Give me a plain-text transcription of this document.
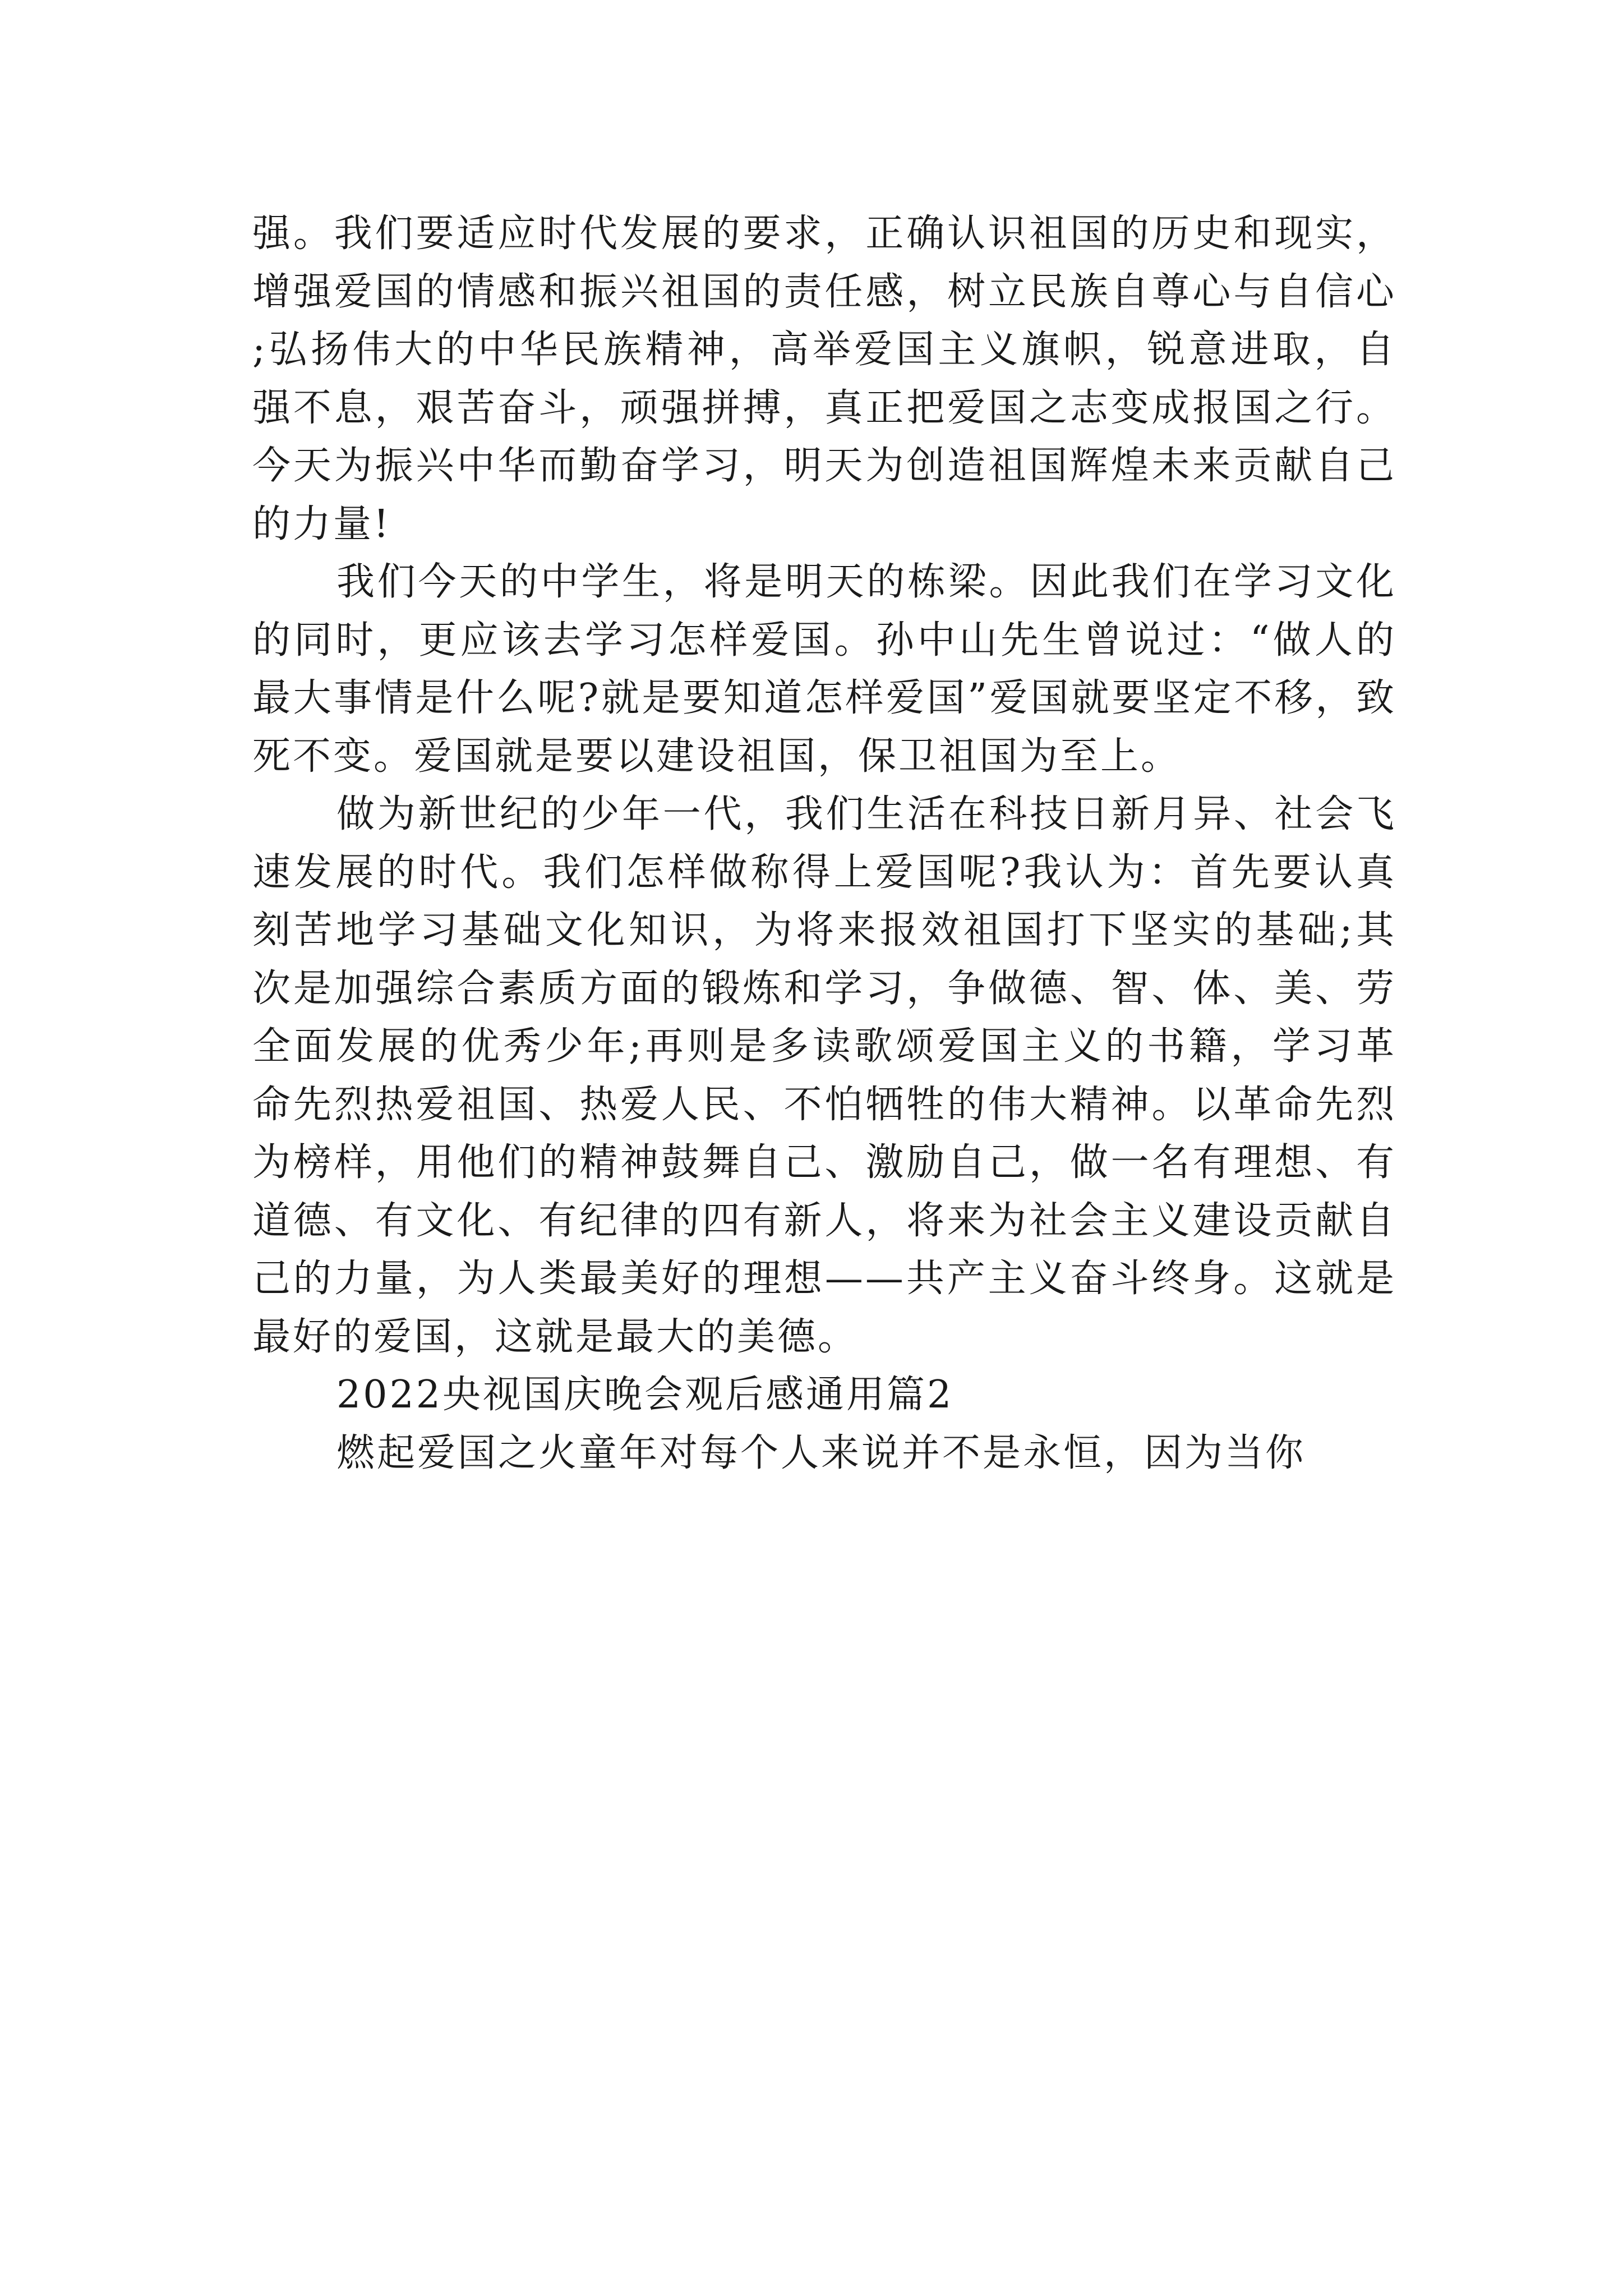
强。我们要适应时代发展的要求，正确认识祖国的历史和现实，增强爱国的情感和振兴祖国的责任感，树立民族自尊心与自信心;弘扬伟大的中华民族精神，高举爱国主义旗帜，锐意进取，自强不息，艰苦奋斗，顽强拼搏，真正把爱国之志变成报国之行。今天为振兴中华而勤奋学习，明天为创造祖国辉煌未来贡献自己的力量!

我们今天的中学生，将是明天的栋梁。因此我们在学习文化的同时，更应该去学习怎样爱国。孙中山先生曾说过：“做人的最大事情是什么呢?就是要知道怎样爱国”爱国就要坚定不移，致死不变。爱国就是要以建设祖国，保卫祖国为至上。

做为新世纪的少年一代，我们生活在科技日新月异、社会飞速发展的时代。我们怎样做称得上爱国呢?我认为：首先要认真刻苦地学习基础文化知识，为将来报效祖国打下坚实的基础;其次是加强综合素质方面的锻炼和学习，争做德、智、体、美、劳全面发展的优秀少年;再则是多读歌颂爱国主义的书籍，学习革命先烈热爱祖国、热爱人民、不怕牺牲的伟大精神。以革命先烈为榜样，用他们的精神鼓舞自己、激励自己，做一名有理想、有道德、有文化、有纪律的四有新人，将来为社会主义建设贡献自己的力量，为人类最美好的理想——共产主义奋斗终身。这就是最好的爱国，这就是最大的美德。

2022央视国庆晚会观后感通用篇2

燃起爱国之火童年对每个人来说并不是永恒，因为当你
